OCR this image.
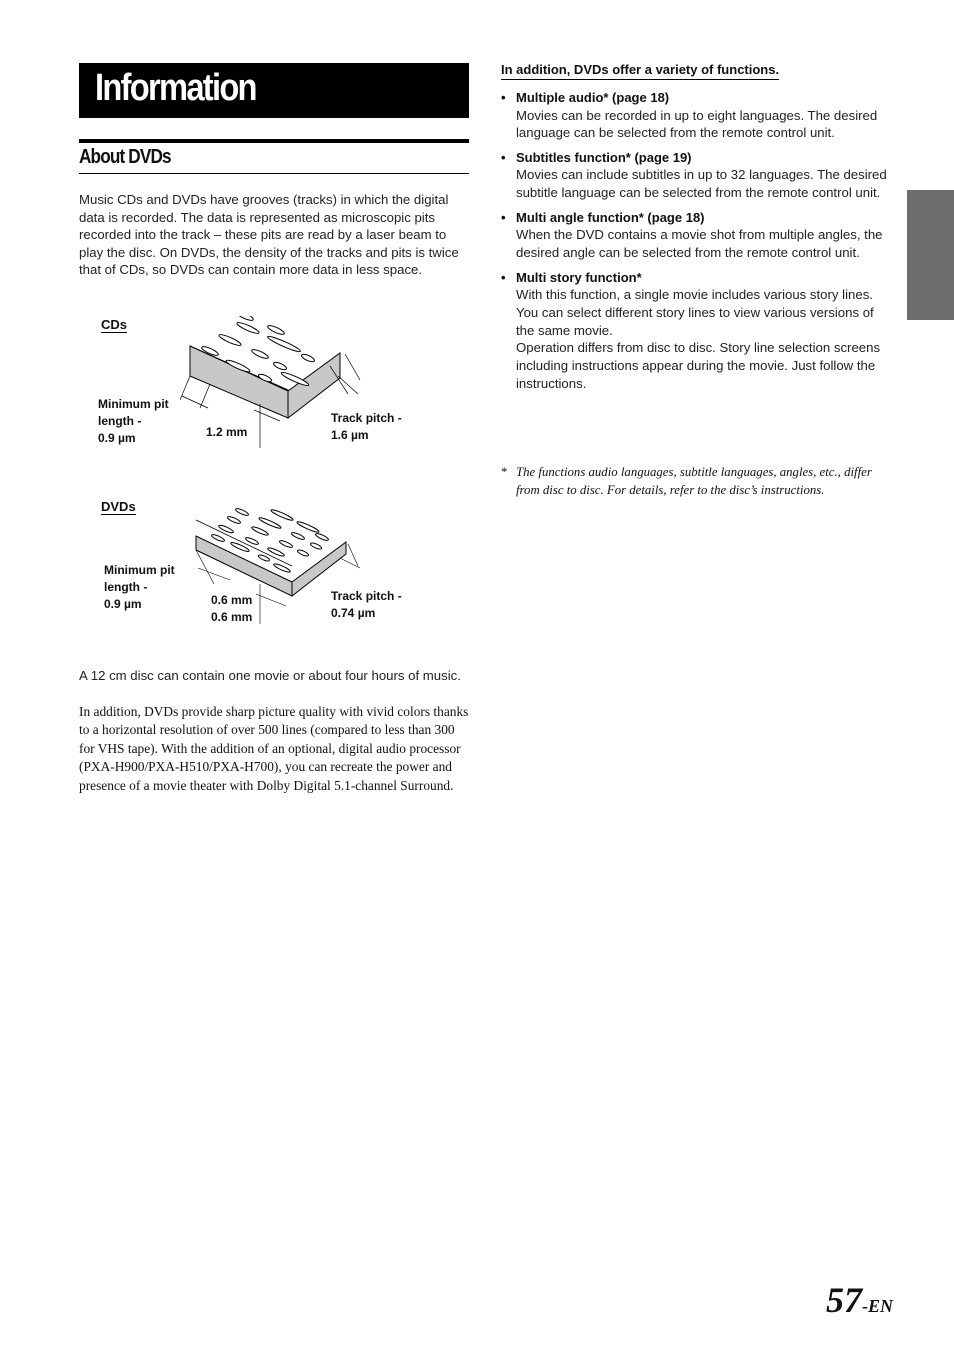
Information
About DVDs
Music CDs and DVDs have grooves (tracks) in which the digital data is recorded. The data is represented as microscopic pits recorded into the track – these pits are read by a laser beam to play the disc. On DVDs, the density of the tracks and pits is twice that of CDs, so DVDs can contain more data in less space.
CDs
Minimum pit
length -
0.9 µm	1.2 mm
Track pitch -
1.6 µm
DVDs
Minimum pit
length -
0.9 µm	0.6 mm
0.6 mm
Track pitch -
0.74 µm
A 12 cm disc can contain one movie or about four hours of music.
In addition, DVDs provide sharp picture quality with vivid colors thanks to a horizontal resolution of over 500 lines (compared to less than 300 for VHS tape). With the addition of an optional, digital audio processor (PXA-H900/PXA-H510/PXA-H700), you can recreate the power and presence of a movie theater with Dolby Digital 5.1-channel Surround.
In addition, DVDs offer a variety of functions.
• Multiple audio* (page 18)
Movies can be recorded in up to eight languages. The desired language can be selected from the remote control unit.
• Subtitles function* (page 19)
Movies can include subtitles in up to 32 languages. The desired subtitle language can be selected from the remote control unit.
• Multi angle function* (page 18)
When the DVD contains a movie shot from multiple angles, the desired angle can be selected from the remote control unit.
• Multi story function*
With this function, a single movie includes various story lines. You can select different story lines to view various versions of the same movie.
Operation differs from disc to disc. Story line selection screens including instructions appear during the movie. Just follow the instructions.
* The functions audio languages, subtitle languages, angles, etc., differ from disc to disc. For details, refer to the disc’s instructions.
57-EN
